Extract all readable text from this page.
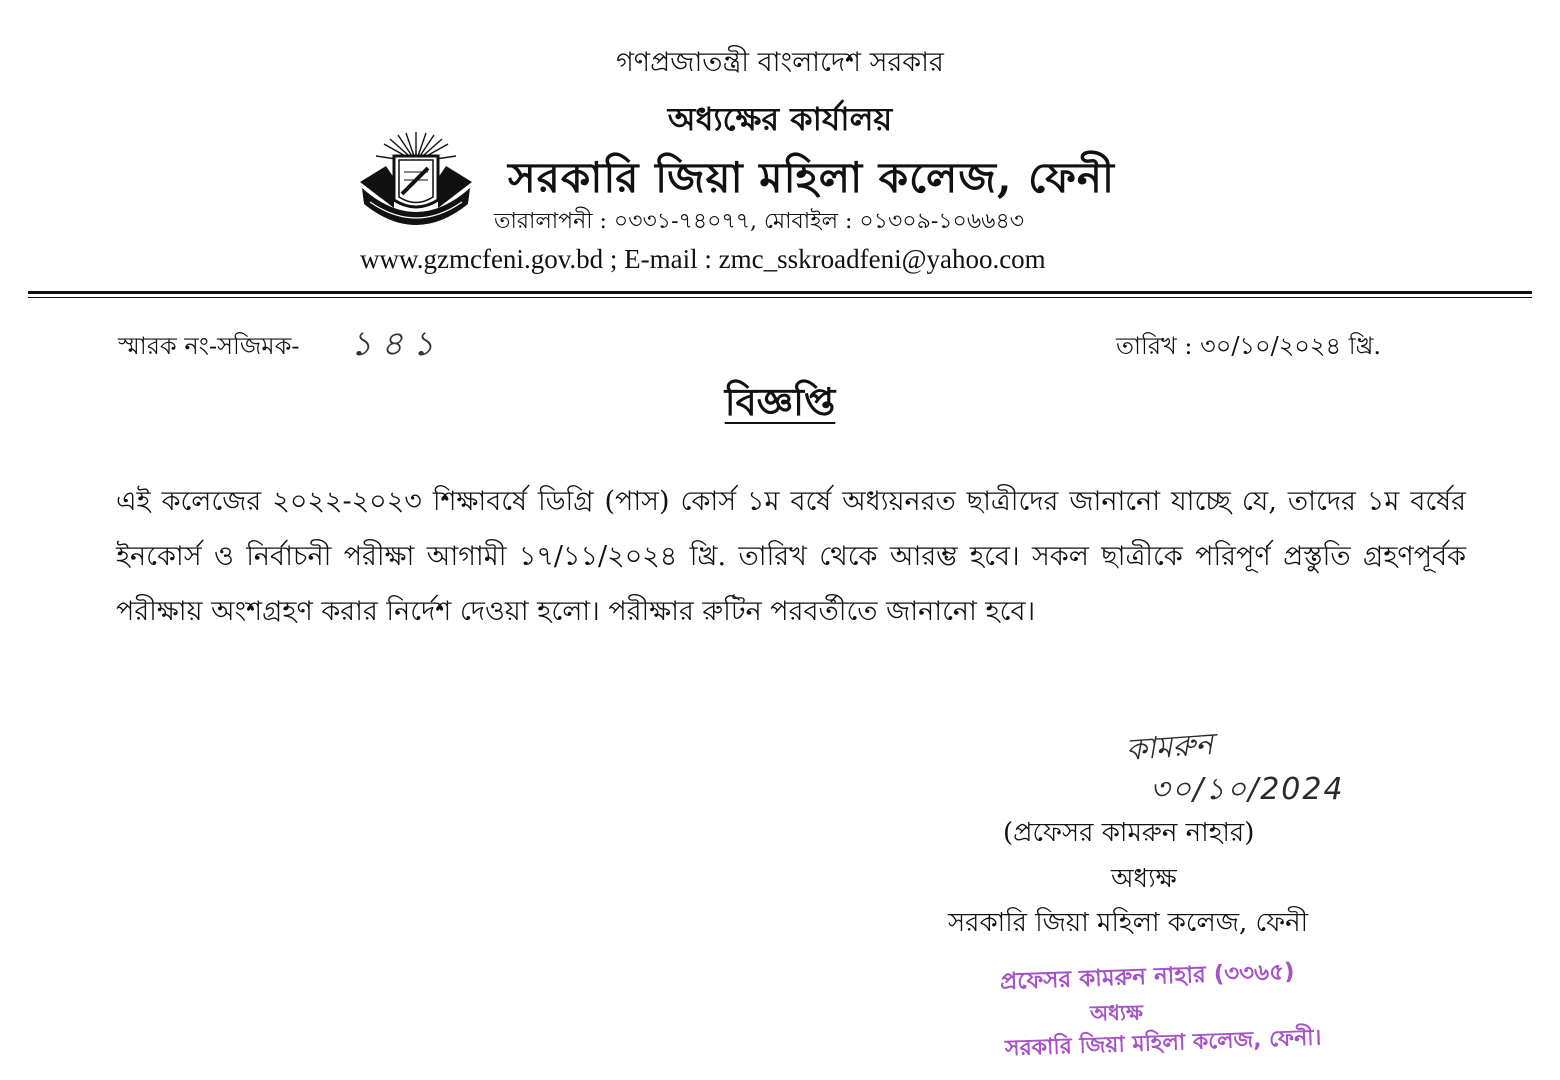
গণপ্রজাতন্ত্রী বাংলাদেশ সরকার
অধ্যক্ষের কার্যালয়
সরকারি জিয়া মহিলা কলেজ, ফেনী
তারালাপনী : ০৩৩১-৭৪০৭৭, মোবাইল : ০১৩০৯-১০৬৬৪৩
www.gzmcfeni.gov.bd ; E-mail : zmc_sskroadfeni@yahoo.com
স্মারক নং-সজিমক- ১৪১	তারিখ : ৩০/১০/২০২৪ খ্রি.
বিজ্ঞপ্তি
এই কলেজের ২০২২-২০২৩ শিক্ষাবর্ষে ডিগ্রি (পাস) কোর্স ১ম বর্ষে অধ্যয়নরত ছাত্রীদের জানানো যাচ্ছে যে, তাদের ১ম বর্ষের ইনকোর্স ও নির্বাচনী পরীক্ষা আগামী ১৭/১১/২০২৪ খ্রি. তারিখ থেকে আরম্ভ হবে। সকল ছাত্রীকে পরিপূর্ণ প্রস্তুতি গ্রহণপূর্বক পরীক্ষায় অংশগ্রহণ করার নির্দেশ দেওয়া হলো। পরীক্ষার রুটিন পরবর্তীতে জানানো হবে।
কামরুন
৩০/১০/2024
(প্রফেসর কামরুন নাহার)
অধ্যক্ষ
সরকারি জিয়া মহিলা কলেজ, ফেনী
প্রফেসর কামরুন নাহার (৩৩৬৫)
অধ্যক্ষ
সরকারি জিয়া মহিলা কলেজ, ফেনী।
